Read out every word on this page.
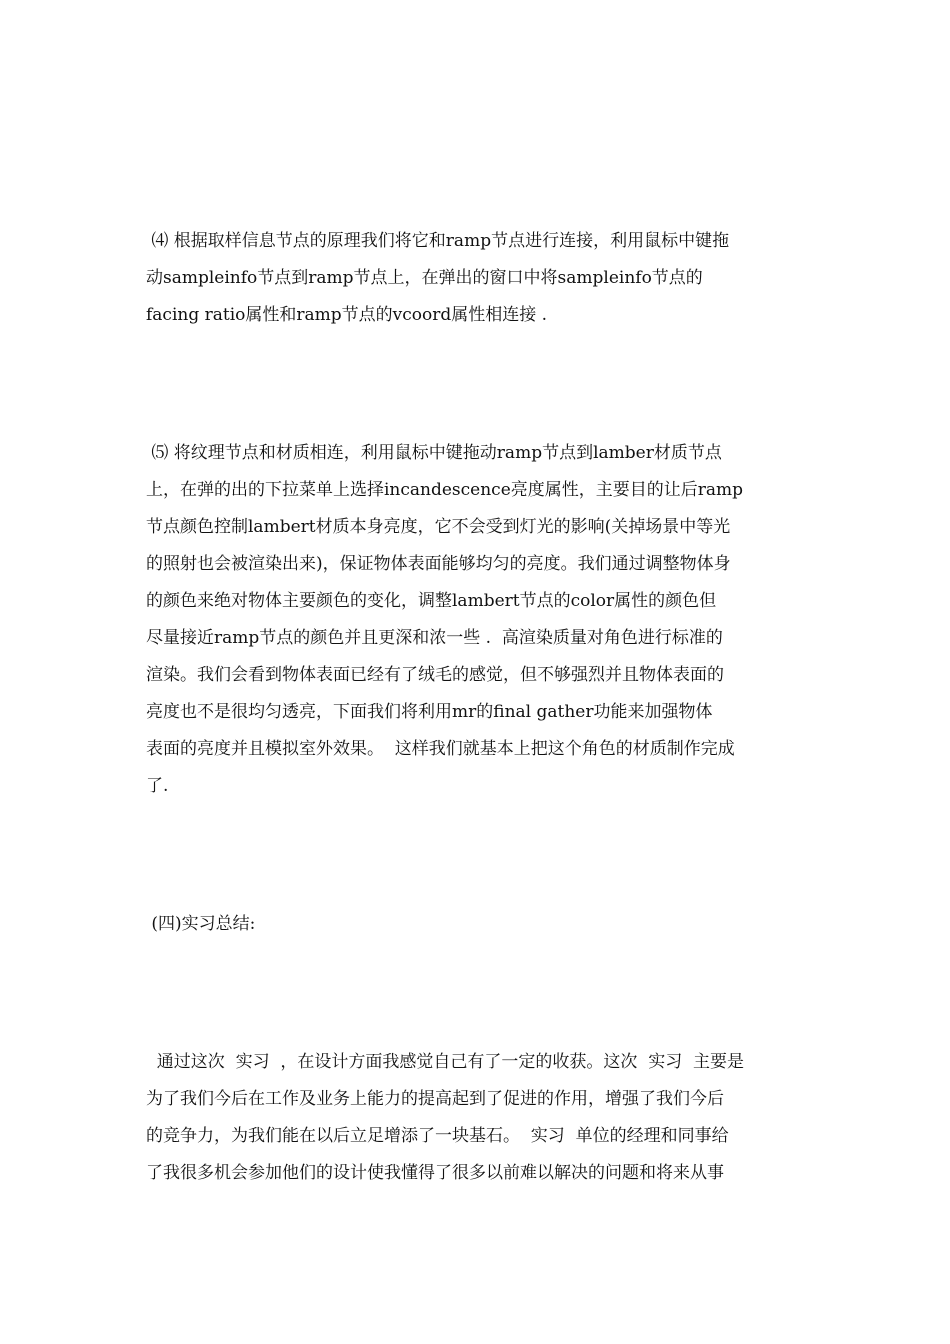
⑷ 根据取样信息节点的原理我们将它和ramp节点进行连接，利用鼠标中键拖

动sampleinfo节点到ramp节点上，在弹出的窗口中将sampleinfo节点的

facing ratio属性和ramp节点的vcoord属性相连接 .

⑸ 将纹理节点和材质相连，利用鼠标中键拖动ramp节点到lamber材质节点

上，在弹的出的下拉菜单上选择incandescence亮度属性，主要目的让后ramp

节点颜色控制lambert材质本身亮度，它不会受到灯光的影响(关掉场景中等光

的照射也会被渲染出来)，保证物体表面能够均匀的亮度。我们通过调整物体身

的颜色来绝对物体主要颜色的变化，调整lambert节点的color属性的颜色但

尽量接近ramp节点的颜色并且更深和浓一些 .  高渲染质量对角色进行标准的

渲染。我们会看到物体表面已经有了绒毛的感觉，但不够强烈并且物体表面的

亮度也不是很均匀透亮，下面我们将利用mr的final gather功能来加强物体

表面的亮度并且模拟室外效果。  这样我们就基本上把这个角色的材质制作完成

了.

(四)实习总结:

通过这次  实习  ，在设计方面我感觉自己有了一定的收获。这次  实习  主要是

为了我们今后在工作及业务上能力的提高起到了促进的作用，增强了我们今后

的竞争力，为我们能在以后立足增添了一块基石。  实习  单位的经理和同事给

了我很多机会参加他们的设计使我懂得了很多以前难以解决的问题和将来从事
